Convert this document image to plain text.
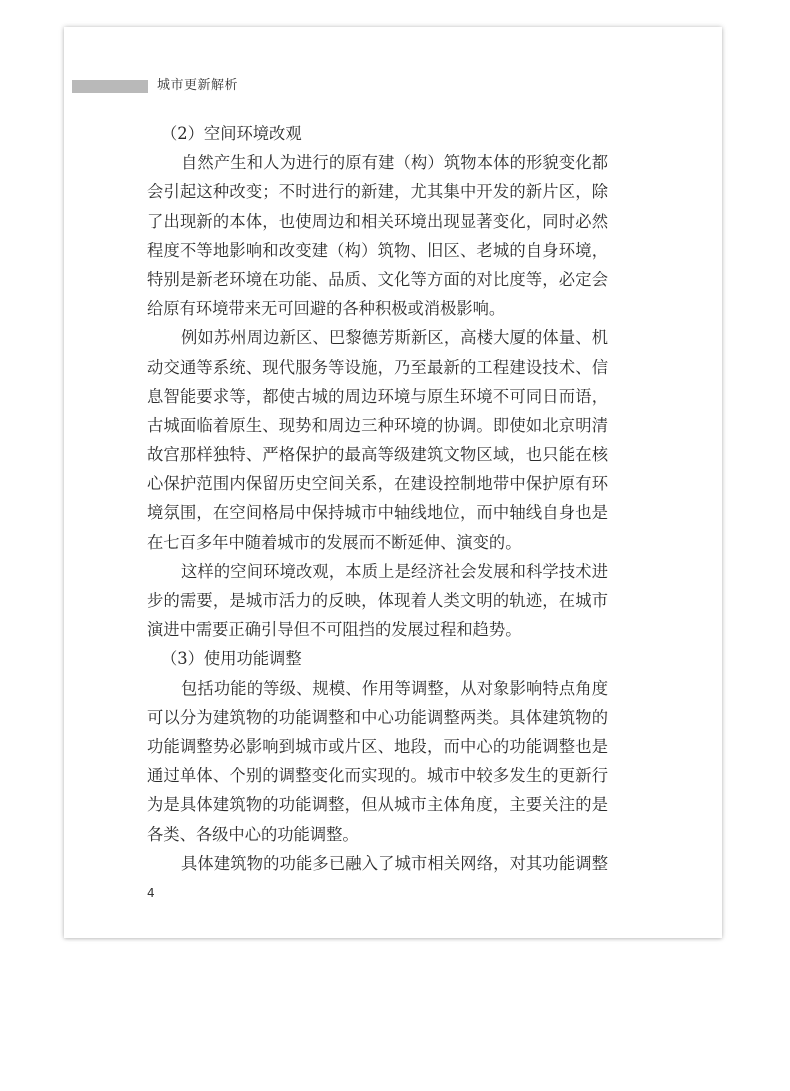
城市更新解析
（2）空间环境改观
自然产生和人为进行的原有建（构）筑物本体的形貌变化都
会引起这种改变；不时进行的新建，尤其集中开发的新片区，除
了出现新的本体，也使周边和相关环境出现显著变化，同时必然
程度不等地影响和改变建（构）筑物、旧区、老城的自身环境，
特别是新老环境在功能、品质、文化等方面的对比度等，必定会
给原有环境带来无可回避的各种积极或消极影响。
例如苏州周边新区、巴黎德芳斯新区，高楼大厦的体量、机
动交通等系统、现代服务等设施，乃至最新的工程建设技术、信
息智能要求等，都使古城的周边环境与原生环境不可同日而语，
古城面临着原生、现势和周边三种环境的协调。即使如北京明清
故宫那样独特、严格保护的最高等级建筑文物区域，也只能在核
心保护范围内保留历史空间关系，在建设控制地带中保护原有环
境氛围，在空间格局中保持城市中轴线地位，而中轴线自身也是
在七百多年中随着城市的发展而不断延伸、演变的。
这样的空间环境改观，本质上是经济社会发展和科学技术进
步的需要，是城市活力的反映，体现着人类文明的轨迹，在城市
演进中需要正确引导但不可阻挡的发展过程和趋势。
（3）使用功能调整
包括功能的等级、规模、作用等调整，从对象影响特点角度
可以分为建筑物的功能调整和中心功能调整两类。具体建筑物的
功能调整势必影响到城市或片区、地段，而中心的功能调整也是
通过单体、个别的调整变化而实现的。城市中较多发生的更新行
为是具体建筑物的功能调整，但从城市主体角度，主要关注的是
各类、各级中心的功能调整。
具体建筑物的功能多已融入了城市相关网络，对其功能调整
4
